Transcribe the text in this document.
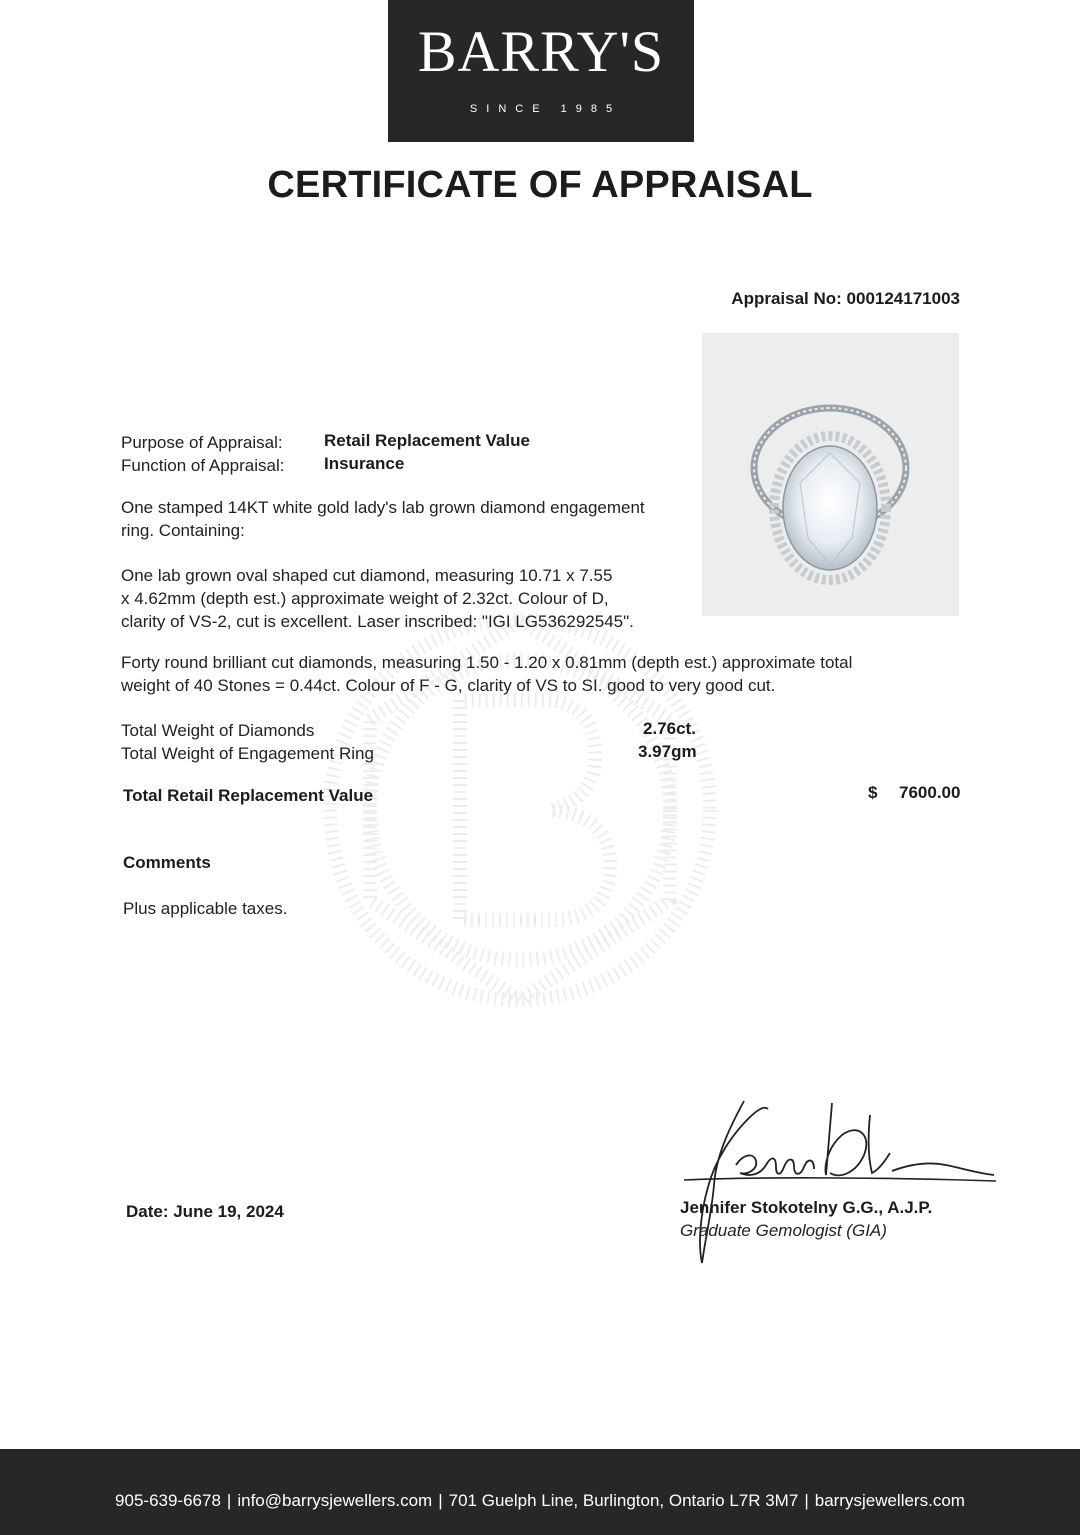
BARRY'S
SINCE 1985
CERTIFICATE OF APPRAISAL
Appraisal No: 000124171003
Purpose of Appraisal: Retail Replacement Value
Function of Appraisal: Insurance
One stamped 14KT white gold lady's lab grown diamond engagement
ring. Containing:
One lab grown oval shaped cut diamond, measuring 10.71 x 7.55
x 4.62mm (depth est.) approximate weight of 2.32ct. Colour of D,
clarity of VS-2, cut is excellent. Laser inscribed: "IGI LG536292545".
Forty round brilliant cut diamonds, measuring 1.50 - 1.20 x 0.81mm (depth est.) approximate total
weight of 40 Stones = 0.44ct. Colour of F - G, clarity of VS to SI. good to very good cut.
Total Weight of Diamonds	2.76ct.
Total Weight of Engagement Ring	3.97gm
Total Retail Replacement Value	$ 7600.00
Comments
Plus applicable taxes.
Date: June 19, 2024	Jennifer Stokotelny G.G., A.J.P.
Graduate Gemologist (GIA)
905-639-6678 | info@barrysjewellers.com | 701 Guelph Line, Burlington, Ontario L7R 3M7 | barrysjewellers.com
